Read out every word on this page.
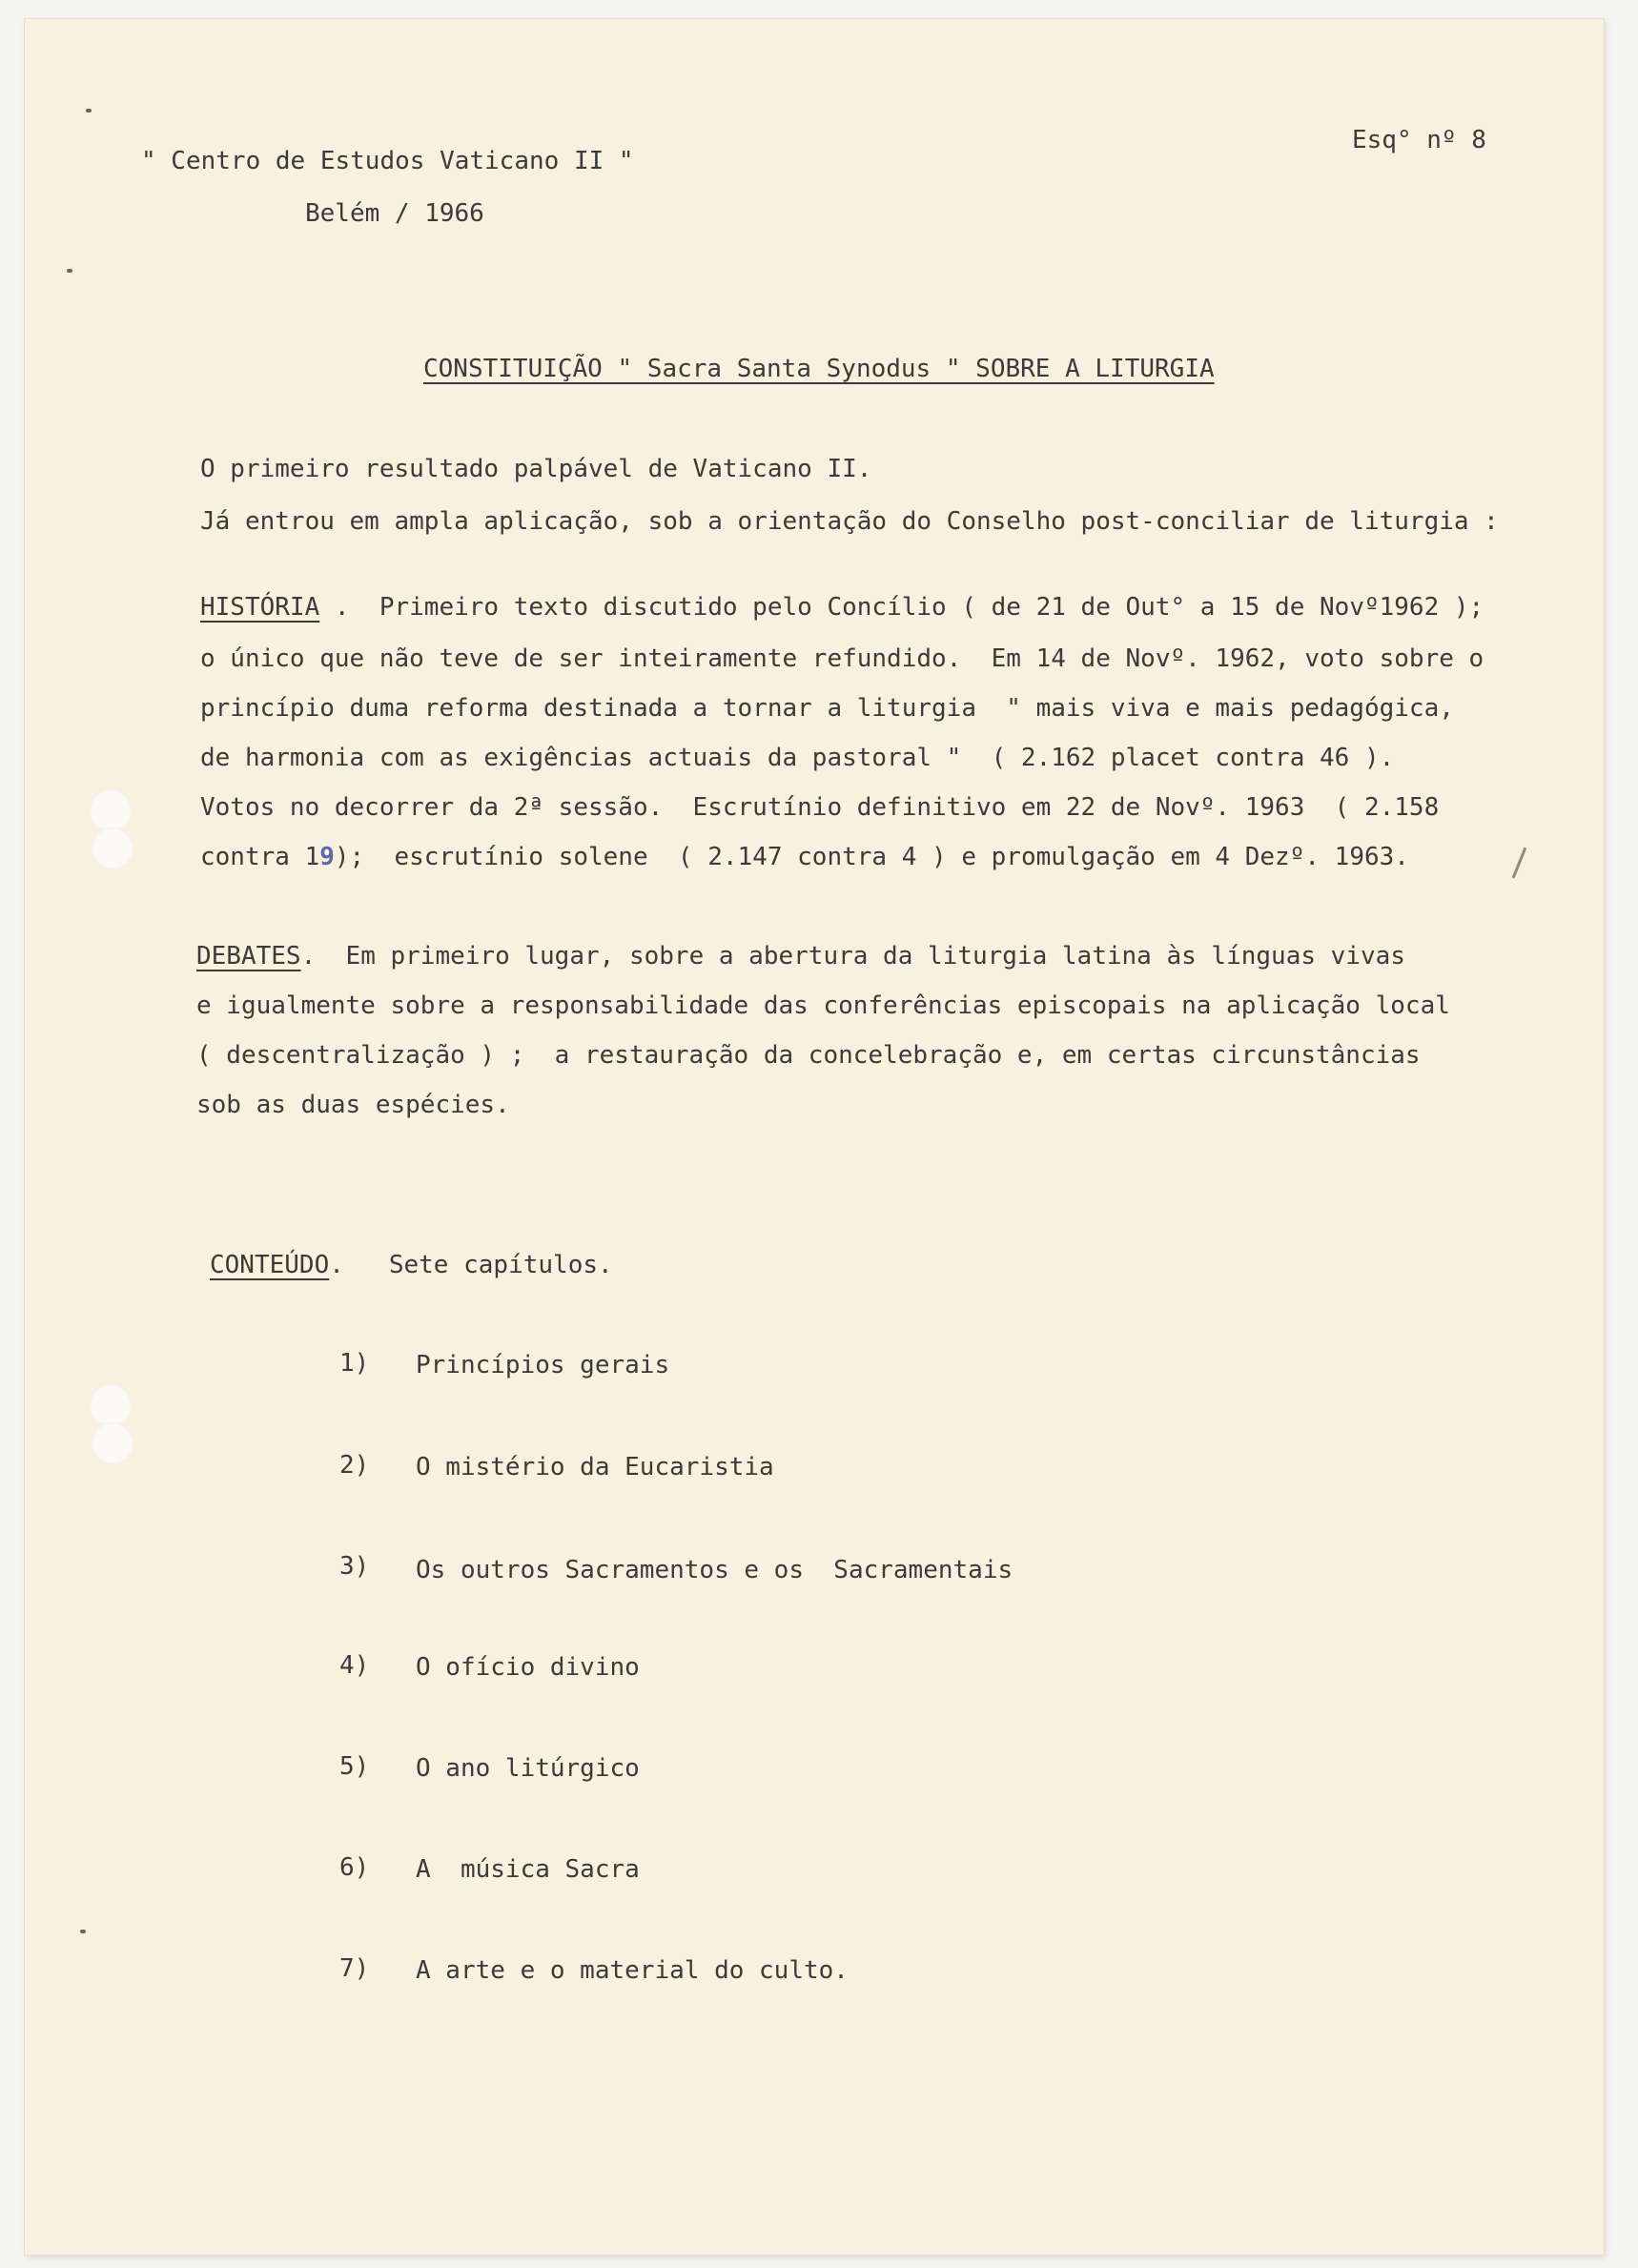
" Centro de Estudos Vaticano II "
Belém / 1966
Esq° nº 8
CONSTITUIÇÃO " Sacra Santa Synodus " SOBRE A LITURGIA
O primeiro resultado palpável de Vaticano II.
Já entrou em ampla aplicação, sob a orientação do Conselho post-conciliar de liturgia :
HISTÓRIA .  Primeiro texto discutido pelo Concílio ( de 21 de Out° a 15 de Novº1962 );
o único que não teve de ser inteiramente refundido.  Em 14 de Novº. 1962, voto sobre o
princípio duma reforma destinada a tornar a liturgia  " mais viva e mais pedagógica,
de harmonia com as exigências actuais da pastoral "  ( 2.162 placet contra 46 ).
Votos no decorrer da 2ª sessão.  Escrutínio definitivo em 22 de Novº. 1963  ( 2.158
contra 19);  escrutínio solene  ( 2.147 contra 4 ) e promulgação em 4 Dezº. 1963.
DEBATES.  Em primeiro lugar, sobre a abertura da liturgia latina às línguas vivas
e igualmente sobre a responsabilidade das conferências episcopais na aplicação local
( descentralização ) ;  a restauração da concelebração e, em certas circunstâncias
sob as duas espécies.
CONTEÚDO.   Sete capítulos.
1) Princípios gerais
2) O mistério da Eucaristia
3) Os outros Sacramentos e os  Sacramentais
4) O ofício divino
5) O ano litúrgico
6) A  música Sacra
7) A arte e o material do culto.
